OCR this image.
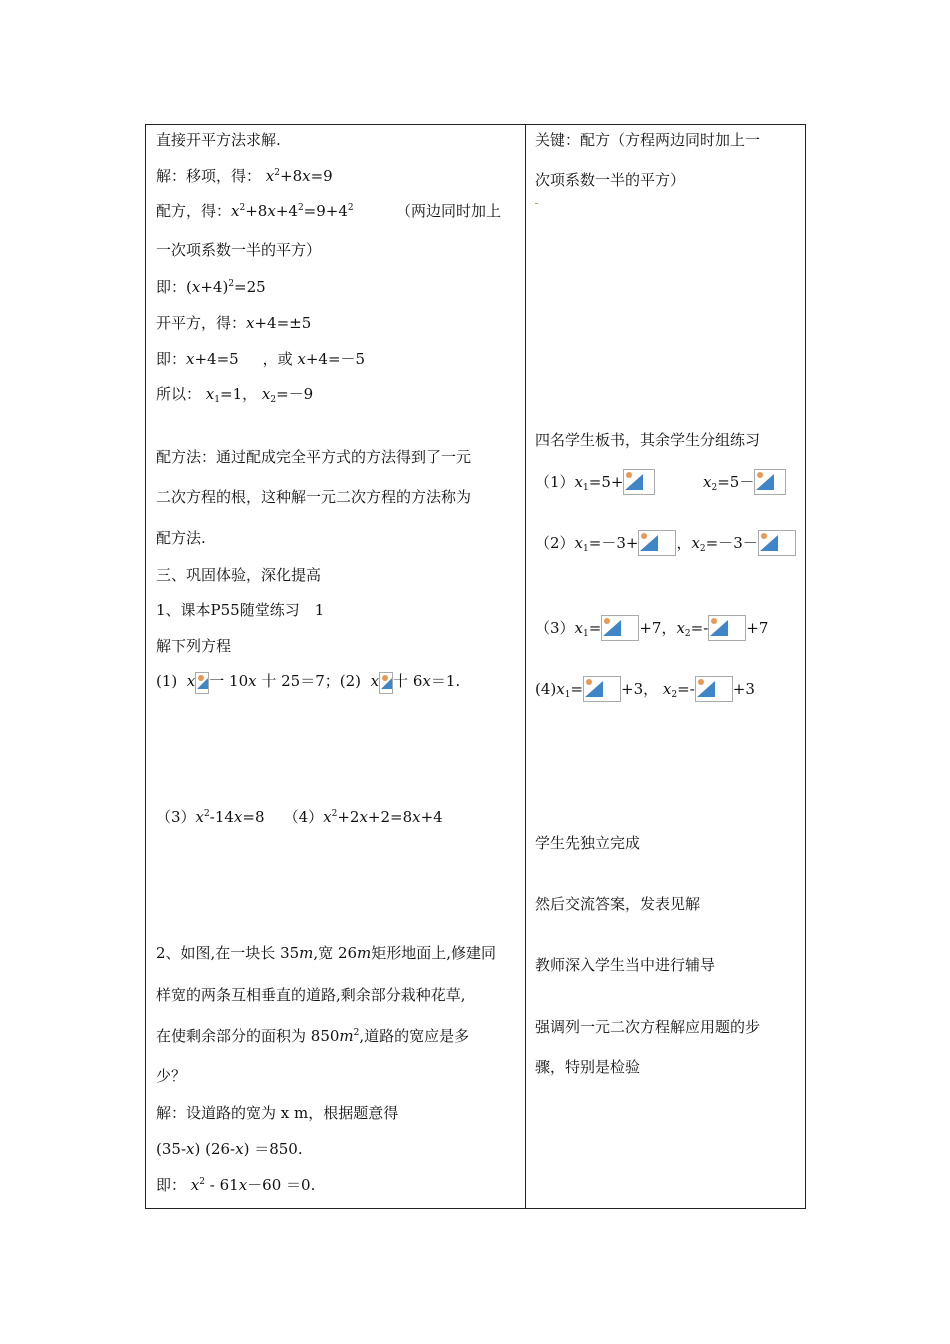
直接开平方法求解.
解：移项，得： $x^2+8x=9$
配方，得：$x^2+8x+4^2=9+4^2$	（两边同时加上
一次项系数一半的平方）
即：$(x+4)^2=25$
开平方，得：x+4=±5
即：x+4=5     ，或 x+4=－5
所以： $x_1=1$， $x_2=-9$
配方法：通过配成完全平方式的方法得到了一元
二次方程的根，这种解一元二次方程的方法称为
配方法.
三、巩固体验，深化提高
1、课本P55随堂练习　1
解下列方程
(1) x 一 10x 十 25＝7；(2) x 十 6x＝1.
$(3)x^2-14x=8$    $(4)x^2+2x+2=8x+4$
2、如图,在一块长 35m,宽 26m矩形地面上,修建同
样宽的两条互相垂直的道路,剩余部分栽种花草,
在使剩余部分的面积为 $850m^2$,道路的宽应是多
少？
解：设道路的宽为 x m，根据题意得
(35-x) (26-x) ＝850.
即： $x^2 - 61x-60 =0$.
关键：配方（方程两边同时加上一
次项系数一半的平方）
四名学生板书，其余学生分组练习
$(1)x_1=5+$	$x_2=5-$
$(2)x_1=-3+$	，$x_2=-3-$
$(3)x_1=$	+7，$x_2=-$	+7
$(4)x_1=$	+3， $x_2=-$	+3
学生先独立完成
然后交流答案，发表见解
教师深入学生当中进行辅导
强调列一元二次方程解应用题的步
骤，特别是检验
